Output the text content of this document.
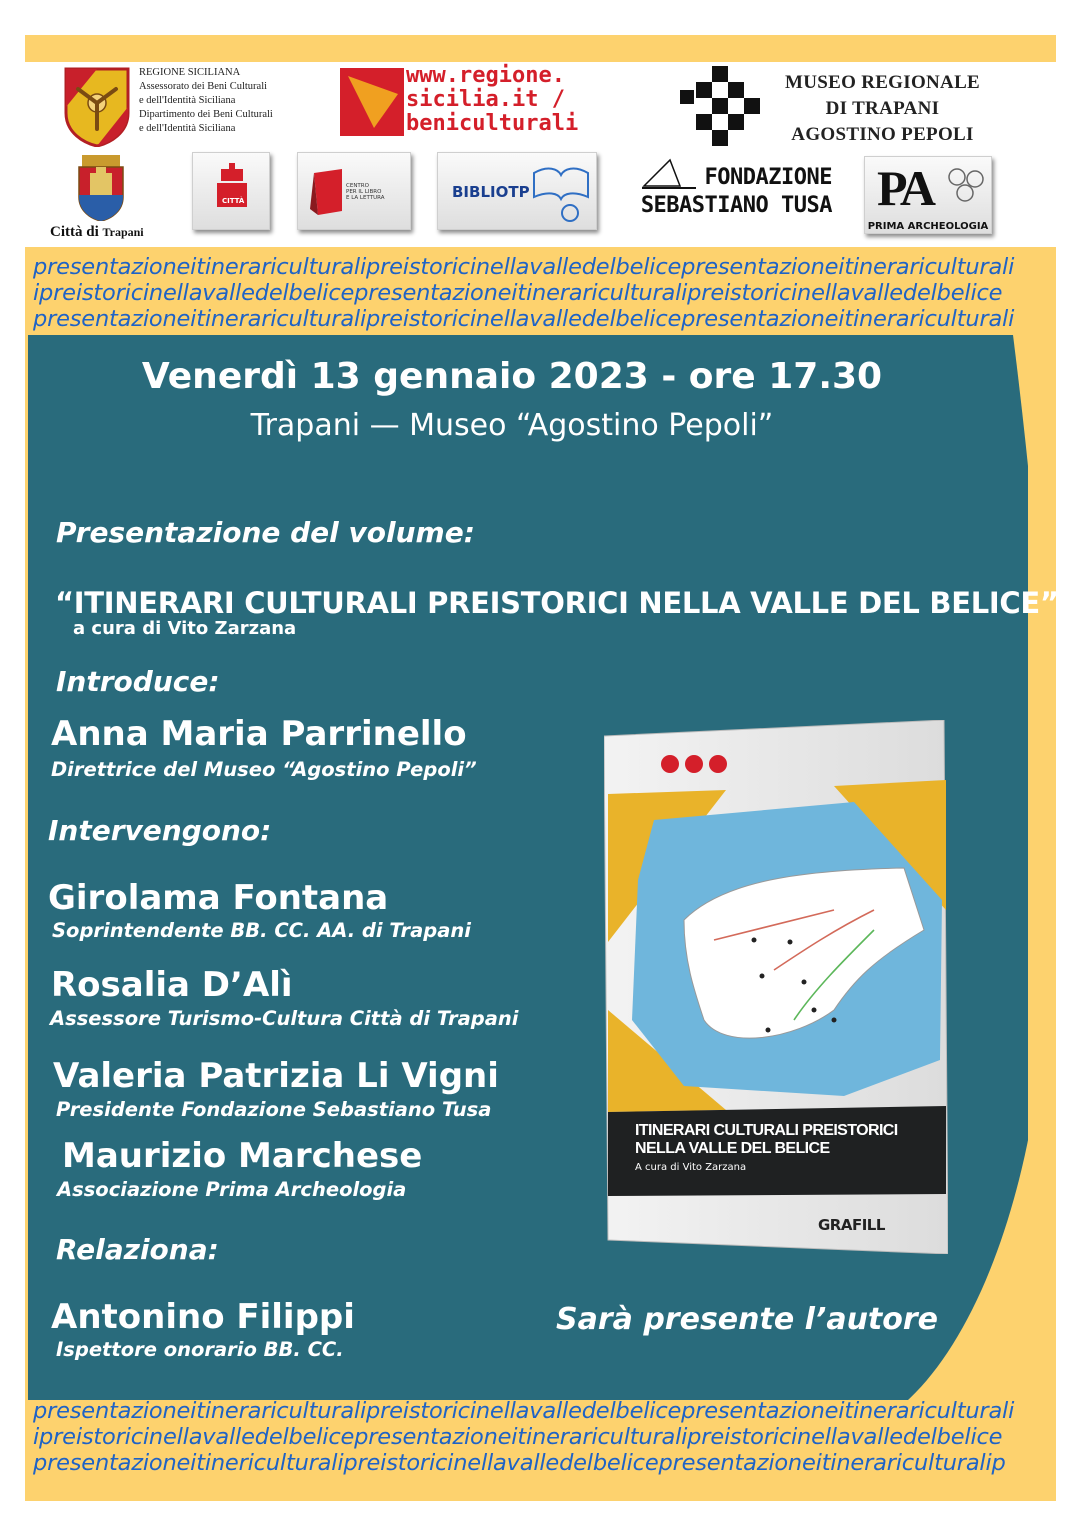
REGIONE SICILIANA
Assessorato dei Beni Culturali
e dell'Identità Siciliana
Dipartimento dei Beni Culturali
e dell'Identità Siciliana
www.regione.
sicilia.it /
beniculturali
MUSEO REGIONALE
DI TRAPANI
AGOSTINO PEPOLI
Città di Trapani
CITTÀ
CENTRO
PER IL LIBRO
E LA LETTURA	BIBLIOTP
FONDAZIONE
SEBASTIANO TUSA PA
PRIMA ARCHEOLOGIA
presentazioneitinerariculturalipreistoricinellavalledelbelicepresentazioneitinerariculturali
ipreistoricinellavalledelbelicepresentazioneitinerariculturalipreistoricinellavalledelbelice
presentazioneitinerariculturalipreistoricinellavalledelbelicepresentazioneitinerariculturali
presentazioneitinerariculturalipreistoricinellavalledelbelicepresentazioneitinerariculturali
ipreistoricinellavalledelbelicepresentazioneitinerariculturalipreistoricinellavalledelbelice
presentazioneitinericulturalipreistoricinellavalledelbelicepresentazioneitinerariculturalip
Venerdì 13 gennaio 2023 - ore 17.30
Trapani — Museo “Agostino Pepoli”
Presentazione del volume:
“ITINERARI CULTURALI PREISTORICI NELLA VALLE DEL BELICE”
a cura di Vito Zarzana
Introduce:
Anna Maria Parrinello
Direttrice del Museo “Agostino Pepoli”
Intervengono:
Girolama Fontana
Soprintendente BB. CC. AA. di Trapani
Rosalia D’Alì
Assessore Turismo-Cultura Città di Trapani
Valeria Patrizia Li Vigni
Presidente Fondazione Sebastiano Tusa
Maurizio Marchese
Associazione Prima Archeologia
Relaziona:
Antonino Filippi
Ispettore onorario BB. CC.
Sarà presente l’autore
ITINERARI CULTURALI PREISTORICI
NELLA VALLE DEL BELICE
A cura di Vito Zarzana
GRAFILL
